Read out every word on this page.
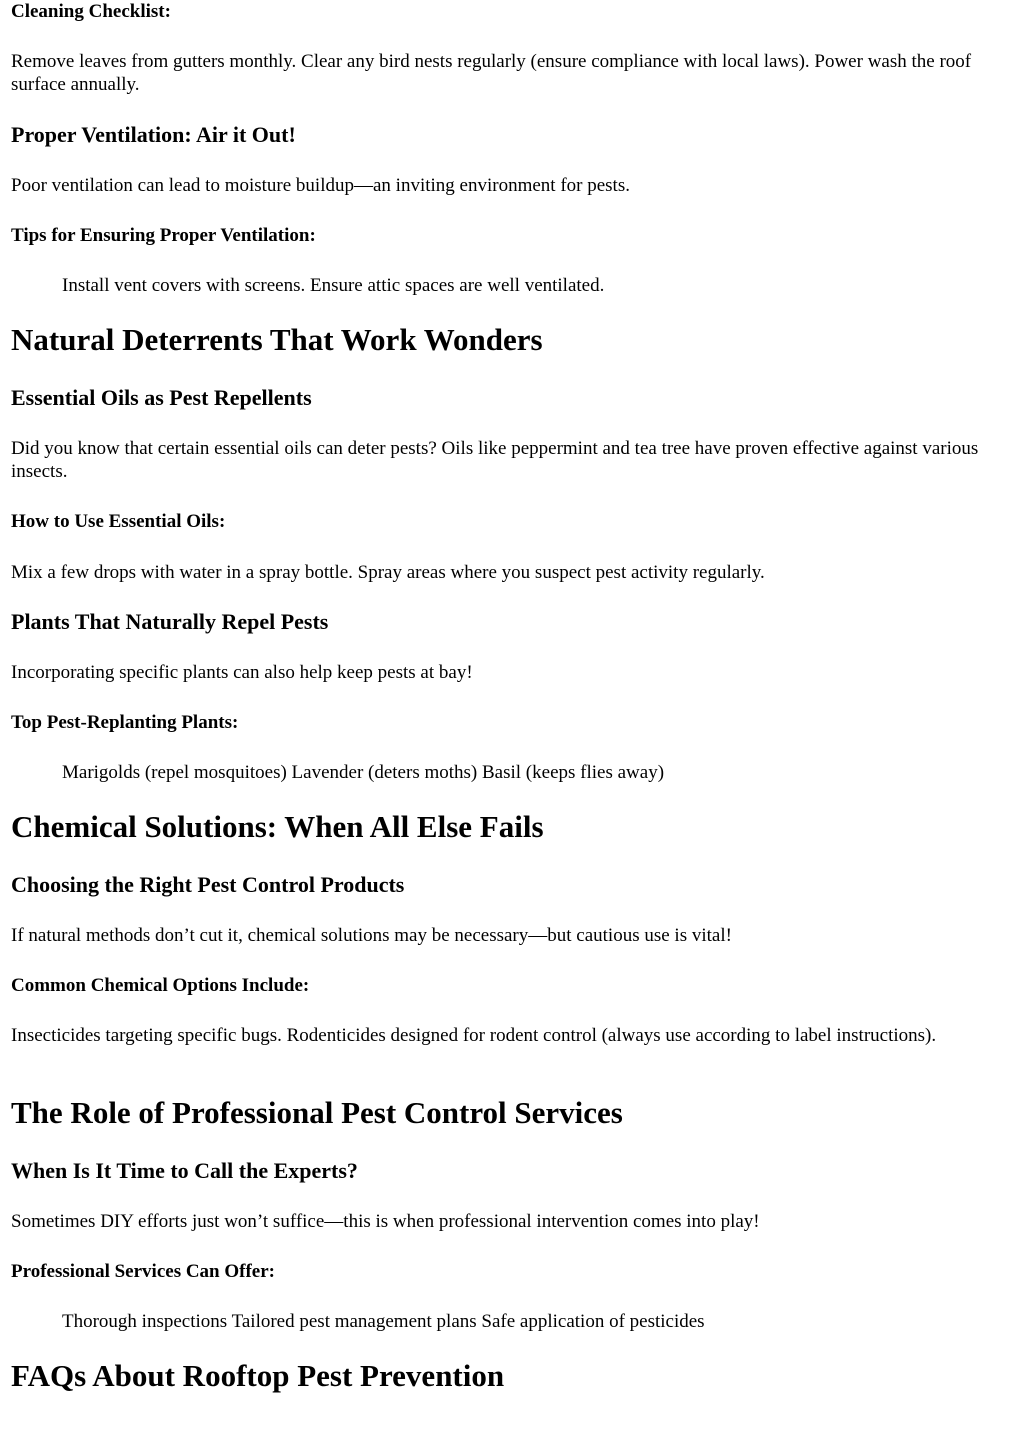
Cleaning Checklist:

Remove leaves from gutters monthly. Clear any bird nests regularly (ensure compliance with local laws). Power wash the roof surface annually.

Proper Ventilation: Air it Out!

Poor ventilation can lead to moisture buildup—an inviting environment for pests.

Tips for Ensuring Proper Ventilation:

Install vent covers with screens. Ensure attic spaces are well ventilated.

Natural Deterrents That Work Wonders
Essential Oils as Pest Repellents

Did you know that certain essential oils can deter pests? Oils like peppermint and tea tree have proven effective against various insects.

How to Use Essential Oils:

Mix a few drops with water in a spray bottle. Spray areas where you suspect pest activity regularly.

Plants That Naturally Repel Pests

Incorporating specific plants can also help keep pests at bay!

Top Pest-Replanting Plants:

Marigolds (repel mosquitoes) Lavender (deters moths) Basil (keeps flies away)

Chemical Solutions: When All Else Fails
Choosing the Right Pest Control Products

If natural methods don’t cut it, chemical solutions may be necessary—but cautious use is vital!

Common Chemical Options Include:

Insecticides targeting specific bugs. Rodenticides designed for rodent control (always use according to label instructions).

The Role of Professional Pest Control Services
When Is It Time to Call the Experts?

Sometimes DIY efforts just won’t suffice—this is when professional intervention comes into play!

Professional Services Can Offer:

Thorough inspections Tailored pest management plans Safe application of pesticides

FAQs About Rooftop Pest Prevention
